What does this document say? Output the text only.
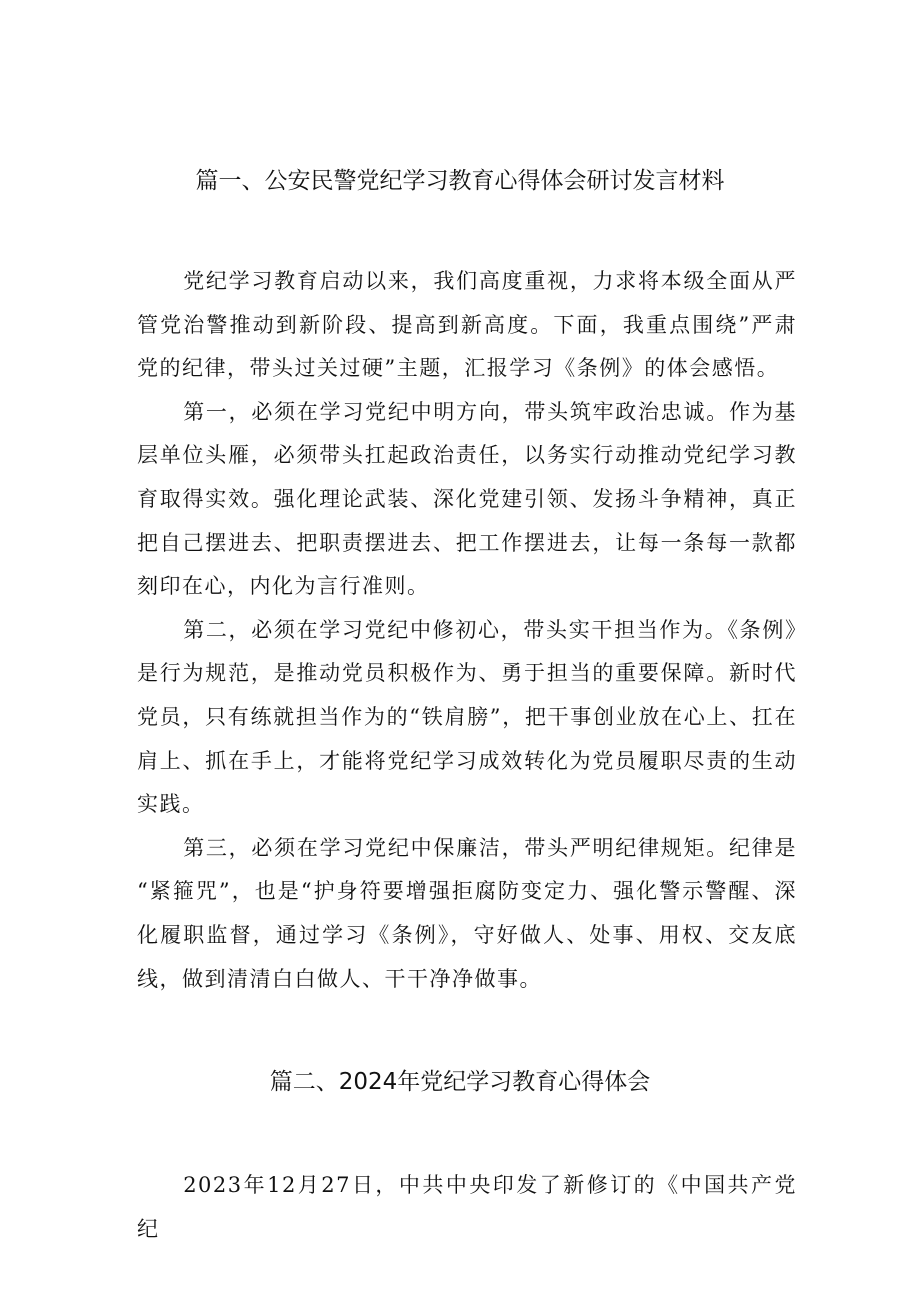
篇一、公安民警党纪学习教育心得体会研讨发言材料

党纪学习教育启动以来，我们高度重视，力求将本级全面从严管党治警推动到新阶段、提高到新高度。下面，我重点围绕”严肃党的纪律，带头过关过硬”主题，汇报学习《条例》的体会感悟。

第一，必须在学习党纪中明方向，带头筑牢政治忠诚。作为基层单位头雁，必须带头扛起政治责任，以务实行动推动党纪学习教育取得实效。强化理论武装、深化党建引领、发扬斗争精神，真正把自己摆进去、把职责摆进去、把工作摆进去，让每一条每一款都刻印在心，内化为言行准则。

第二，必须在学习党纪中修初心，带头实干担当作为。《条例》是行为规范，是推动党员积极作为、勇于担当的重要保障。新时代党员，只有练就担当作为的“铁肩膀”，把干事创业放在心上、扛在肩上、抓在手上，才能将党纪学习成效转化为党员履职尽责的生动实践。

第三，必须在学习党纪中保廉洁，带头严明纪律规矩。纪律是“紧箍咒”，也是“护身符要增强拒腐防变定力、强化警示警醒、深化履职监督，通过学习《条例》，守好做人、处事、用权、交友底线，做到清清白白做人、干干净净做事。

篇二、2024年党纪学习教育心得体会

2023年12月27日，中共中央印发了新修订的《中国共产党纪
